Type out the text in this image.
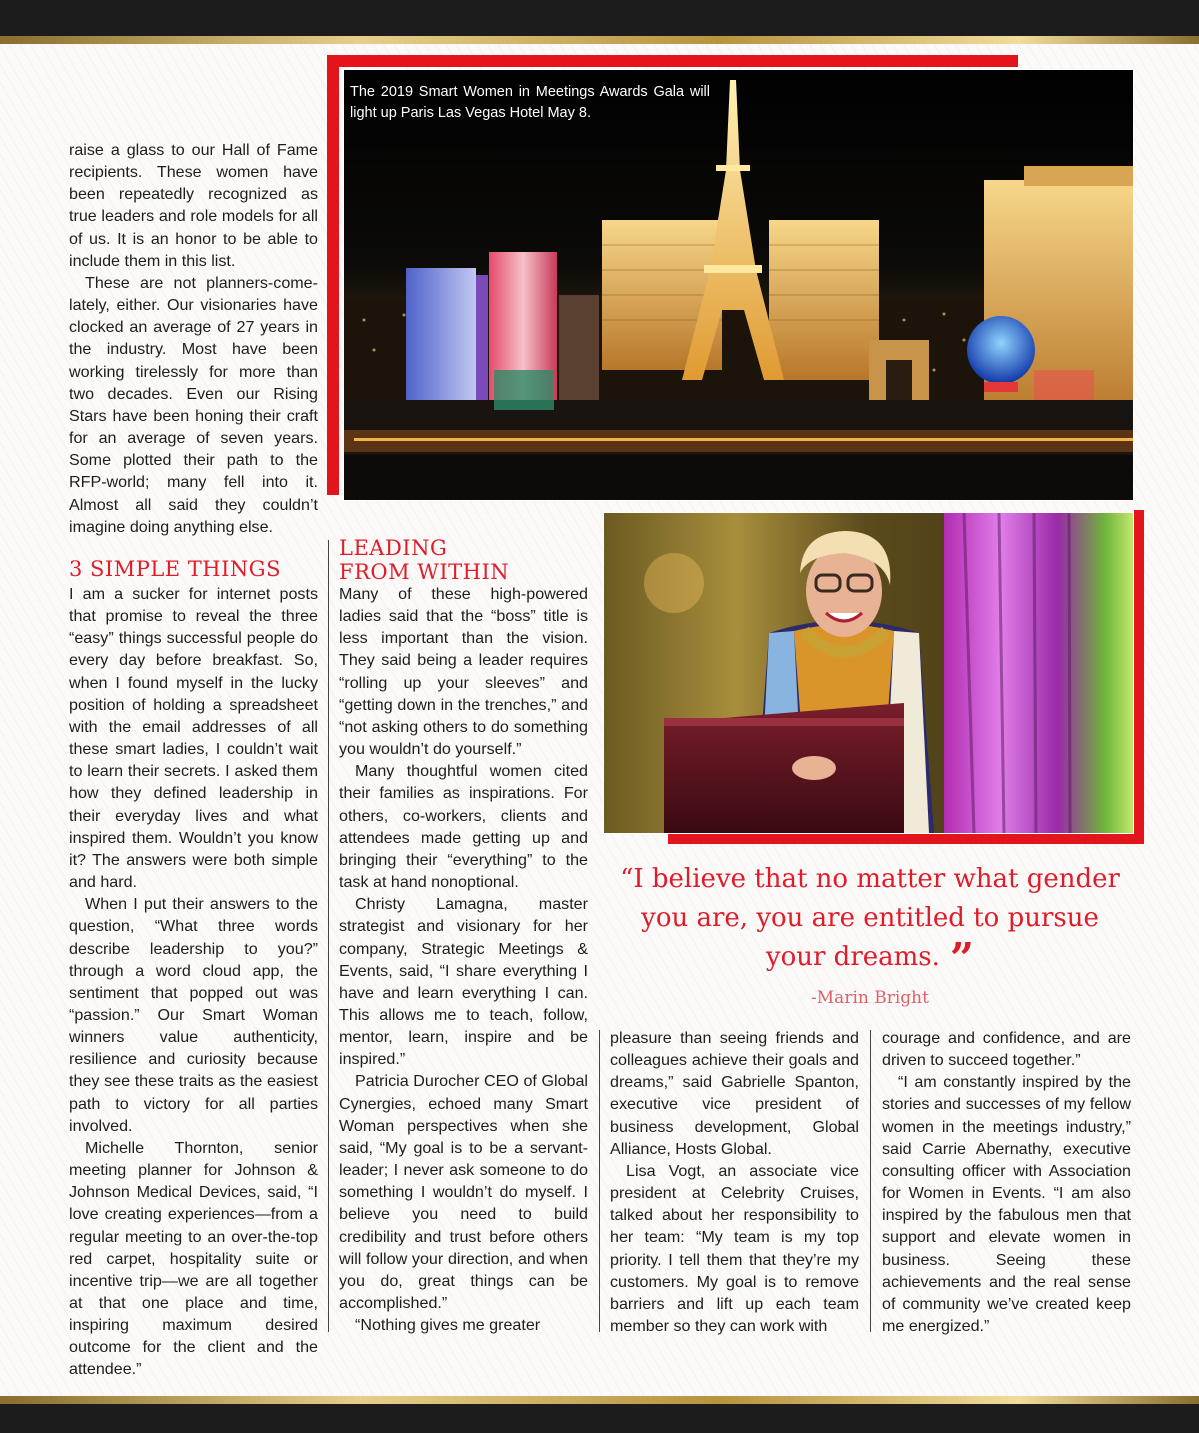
The 2019 Smart Women in Meetings Awards Gala will light up Paris Las Vegas Hotel May 8.

raise a glass to our Hall of Fame recipients. These women have been repeatedly recognized as true leaders and role models for all of us. It is an honor to be able to include them in this list.

These are not planners-come-lately, either. Our visionaries have clocked an average of 27 years in the industry. Most have been working tirelessly for more than two decades. Even our Rising Stars have been honing their craft for an average of seven years. Some plotted their path to the RFP-world; many fell into it. Almost all said they couldn’t imagine doing anything else.

3 SIMPLE THINGS

I am a sucker for internet posts that promise to reveal the three “easy” things successful people do every day before breakfast. So, when I found myself in the lucky position of holding a spreadsheet with the email addresses of all these smart ladies, I couldn’t wait to learn their secrets. I asked them how they defined leadership in their everyday lives and what inspired them. Wouldn’t you know it? The answers were both simple and hard.

When I put their answers to the question, “What three words describe leadership to you?” through a word cloud app, the sentiment that popped out was “passion.” Our Smart Woman winners value authenticity, resilience and curiosity because they see these traits as the easiest path to victory for all parties involved.

Michelle Thornton, senior meeting planner for Johnson & Johnson Medical Devices, said, “I love creating experiences—from a regular meeting to an over-the-top red carpet, hospitality suite or incentive trip—we are all together at that one place and time, inspiring maximum desired outcome for the client and the attendee.”

LEADING
FROM WITHIN

Many of these high-powered ladies said that the “boss” title is less important than the vision. They said being a leader requires “rolling up your sleeves” and “getting down in the trenches,” and “not asking others to do something you wouldn’t do yourself.”

Many thoughtful women cited their families as inspirations. For others, co-workers, clients and attendees made getting up and bringing their “everything” to the task at hand nonoptional.

Christy Lamagna, master strategist and visionary for her company, Strategic Meetings & Events, said, “I share everything I have and learn everything I can. This allows me to teach, follow, mentor, learn, inspire and be inspired.”

Patricia Durocher CEO of Global Cynergies, echoed many Smart Woman perspectives when she said, “My goal is to be a servant-leader; I never ask someone to do something I wouldn’t do myself. I believe you need to build credibility and trust before others will follow your direction, and when you do, great things can be accomplished.”

“Nothing gives me greater

“I believe that no matter what gender you are, you are entitled to pursue your dreams. ”
-Marin Bright

pleasure than seeing friends and colleagues achieve their goals and dreams,” said Gabrielle Spanton, executive vice president of business development, Global Alliance, Hosts Global.

Lisa Vogt, an associate vice president at Celebrity Cruises, talked about her responsibility to her team: “My team is my top priority. I tell them that they’re my customers. My goal is to remove barriers and lift up each team member so they can work with

courage and confidence, and are driven to succeed together.”

“I am constantly inspired by the stories and successes of my fellow women in the meetings industry,” said Carrie Abernathy, executive consulting officer with Association for Women in Events. “I am also inspired by the fabulous men that support and elevate women in business. Seeing these achievements and the real sense of community we’ve created keep me energized.”
